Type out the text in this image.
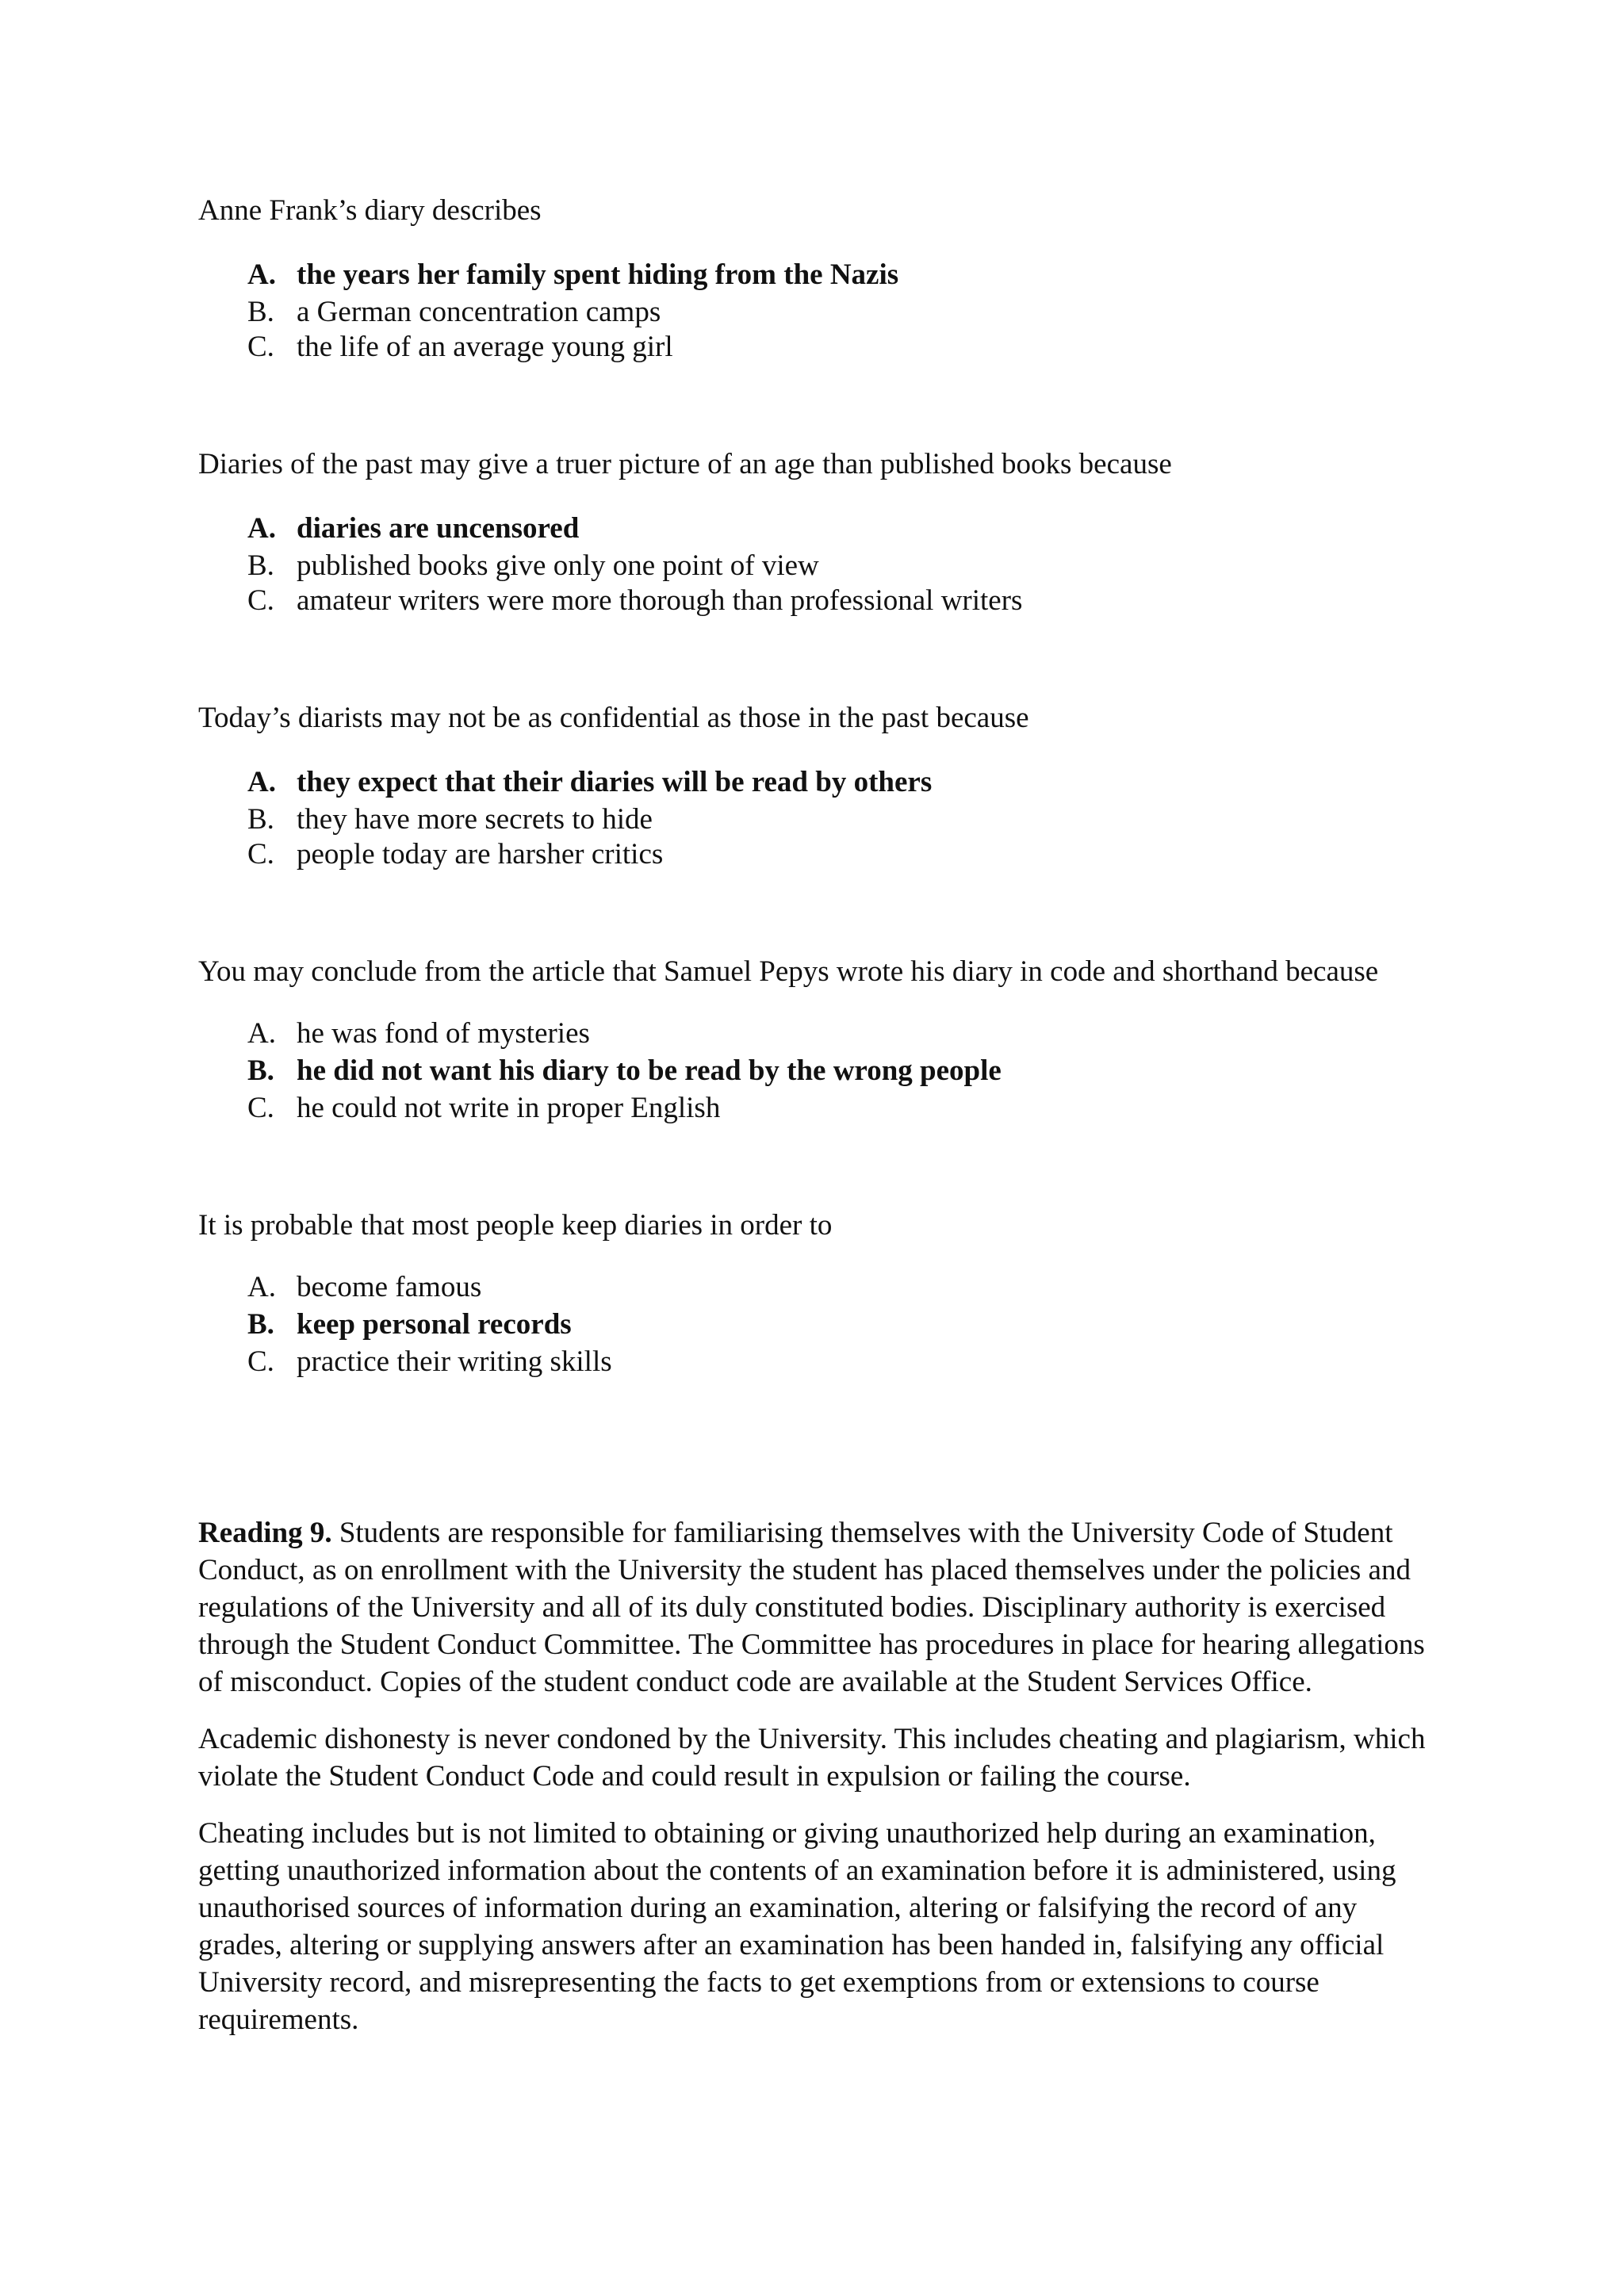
Anne Frank’s diary describes

A. the years her family spent hiding from the Nazis
B. a German concentration camps
C. the life of an average young girl

Diaries of the past may give a truer picture of an age than published books because

A. diaries are uncensored
B. published books give only one point of view
C. amateur writers were more thorough than professional writers

Today’s diarists may not be as confidential as those in the past because

A. they expect that their diaries will be read by others
B. they have more secrets to hide
C. people today are harsher critics

You may conclude from the article that Samuel Pepys wrote his diary in code and shorthand because

A. he was fond of mysteries
B. he did not want his diary to be read by the wrong people
C. he could not write in proper English

It is probable that most people keep diaries in order to

A. become famous
B. keep personal records
C. practice their writing skills

Reading 9. Students are responsible for familiarising themselves with the University Code of Student Conduct, as on enrollment with the University the student has placed themselves under the policies and regulations of the University and all of its duly constituted bodies. Disciplinary authority is exercised through the Student Conduct Committee. The Committee has procedures in place for hearing allegations of misconduct. Copies of the student conduct code are available at the Student Services Office.

Academic dishonesty is never condoned by the University. This includes cheating and plagiarism, which violate the Student Conduct Code and could result in expulsion or failing the course.

Cheating includes but is not limited to obtaining or giving unauthorized help during an examination, getting unauthorized information about the contents of an examination before it is administered, using unauthorised sources of information during an examination, altering or falsifying the record of any grades, altering or supplying answers after an examination has been handed in, falsifying any official University record, and misrepresenting the facts to get exemptions from or extensions to course requirements.
